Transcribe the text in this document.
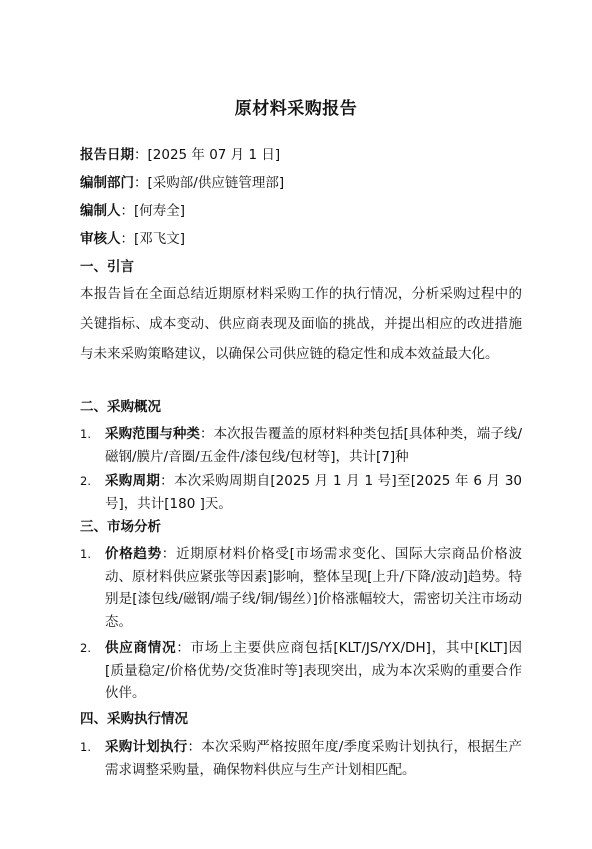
原材料采购报告
报告日期：[2025 年 07 月 1 日]
编制部门：[采购部/供应链管理部]
编制人：[何寿全]
审核人：[邓飞文]
一、引言
本报告旨在全面总结近期原材料采购工作的执行情况，分析采购过程中的关键指标、成本变动、供应商表现及面临的挑战，并提出相应的改进措施与未来采购策略建议，以确保公司供应链的稳定性和成本效益最大化。
二、采购概况
1. 采购范围与种类：本次报告覆盖的原材料种类包括[具体种类，端子线/磁钢/膜片/音圈/五金件/漆包线/包材等]，共计[7]种
2. 采购周期：本次采购周期自[2025 月 1 月 1 号]至[2025 年 6 月 30 号]，共计[180 ]天。
三、市场分析
1. 价格趋势：近期原材料价格受[市场需求变化、国际大宗商品价格波动、原材料供应紧张等因素]影响，整体呈现[上升/下降/波动]趋势。特别是[漆包线/磁钢/端子线/铜/锡丝）]价格涨幅较大，需密切关注市场动态。
2. 供应商情况：市场上主要供应商包括[KLT/JS/YX/DH]，其中[KLT]因[质量稳定/价格优势/交货准时等]表现突出，成为本次采购的重要合作伙伴。
四、采购执行情况
1. 采购计划执行：本次采购严格按照年度/季度采购计划执行，根据生产需求调整采购量，确保物料供应与生产计划相匹配。
